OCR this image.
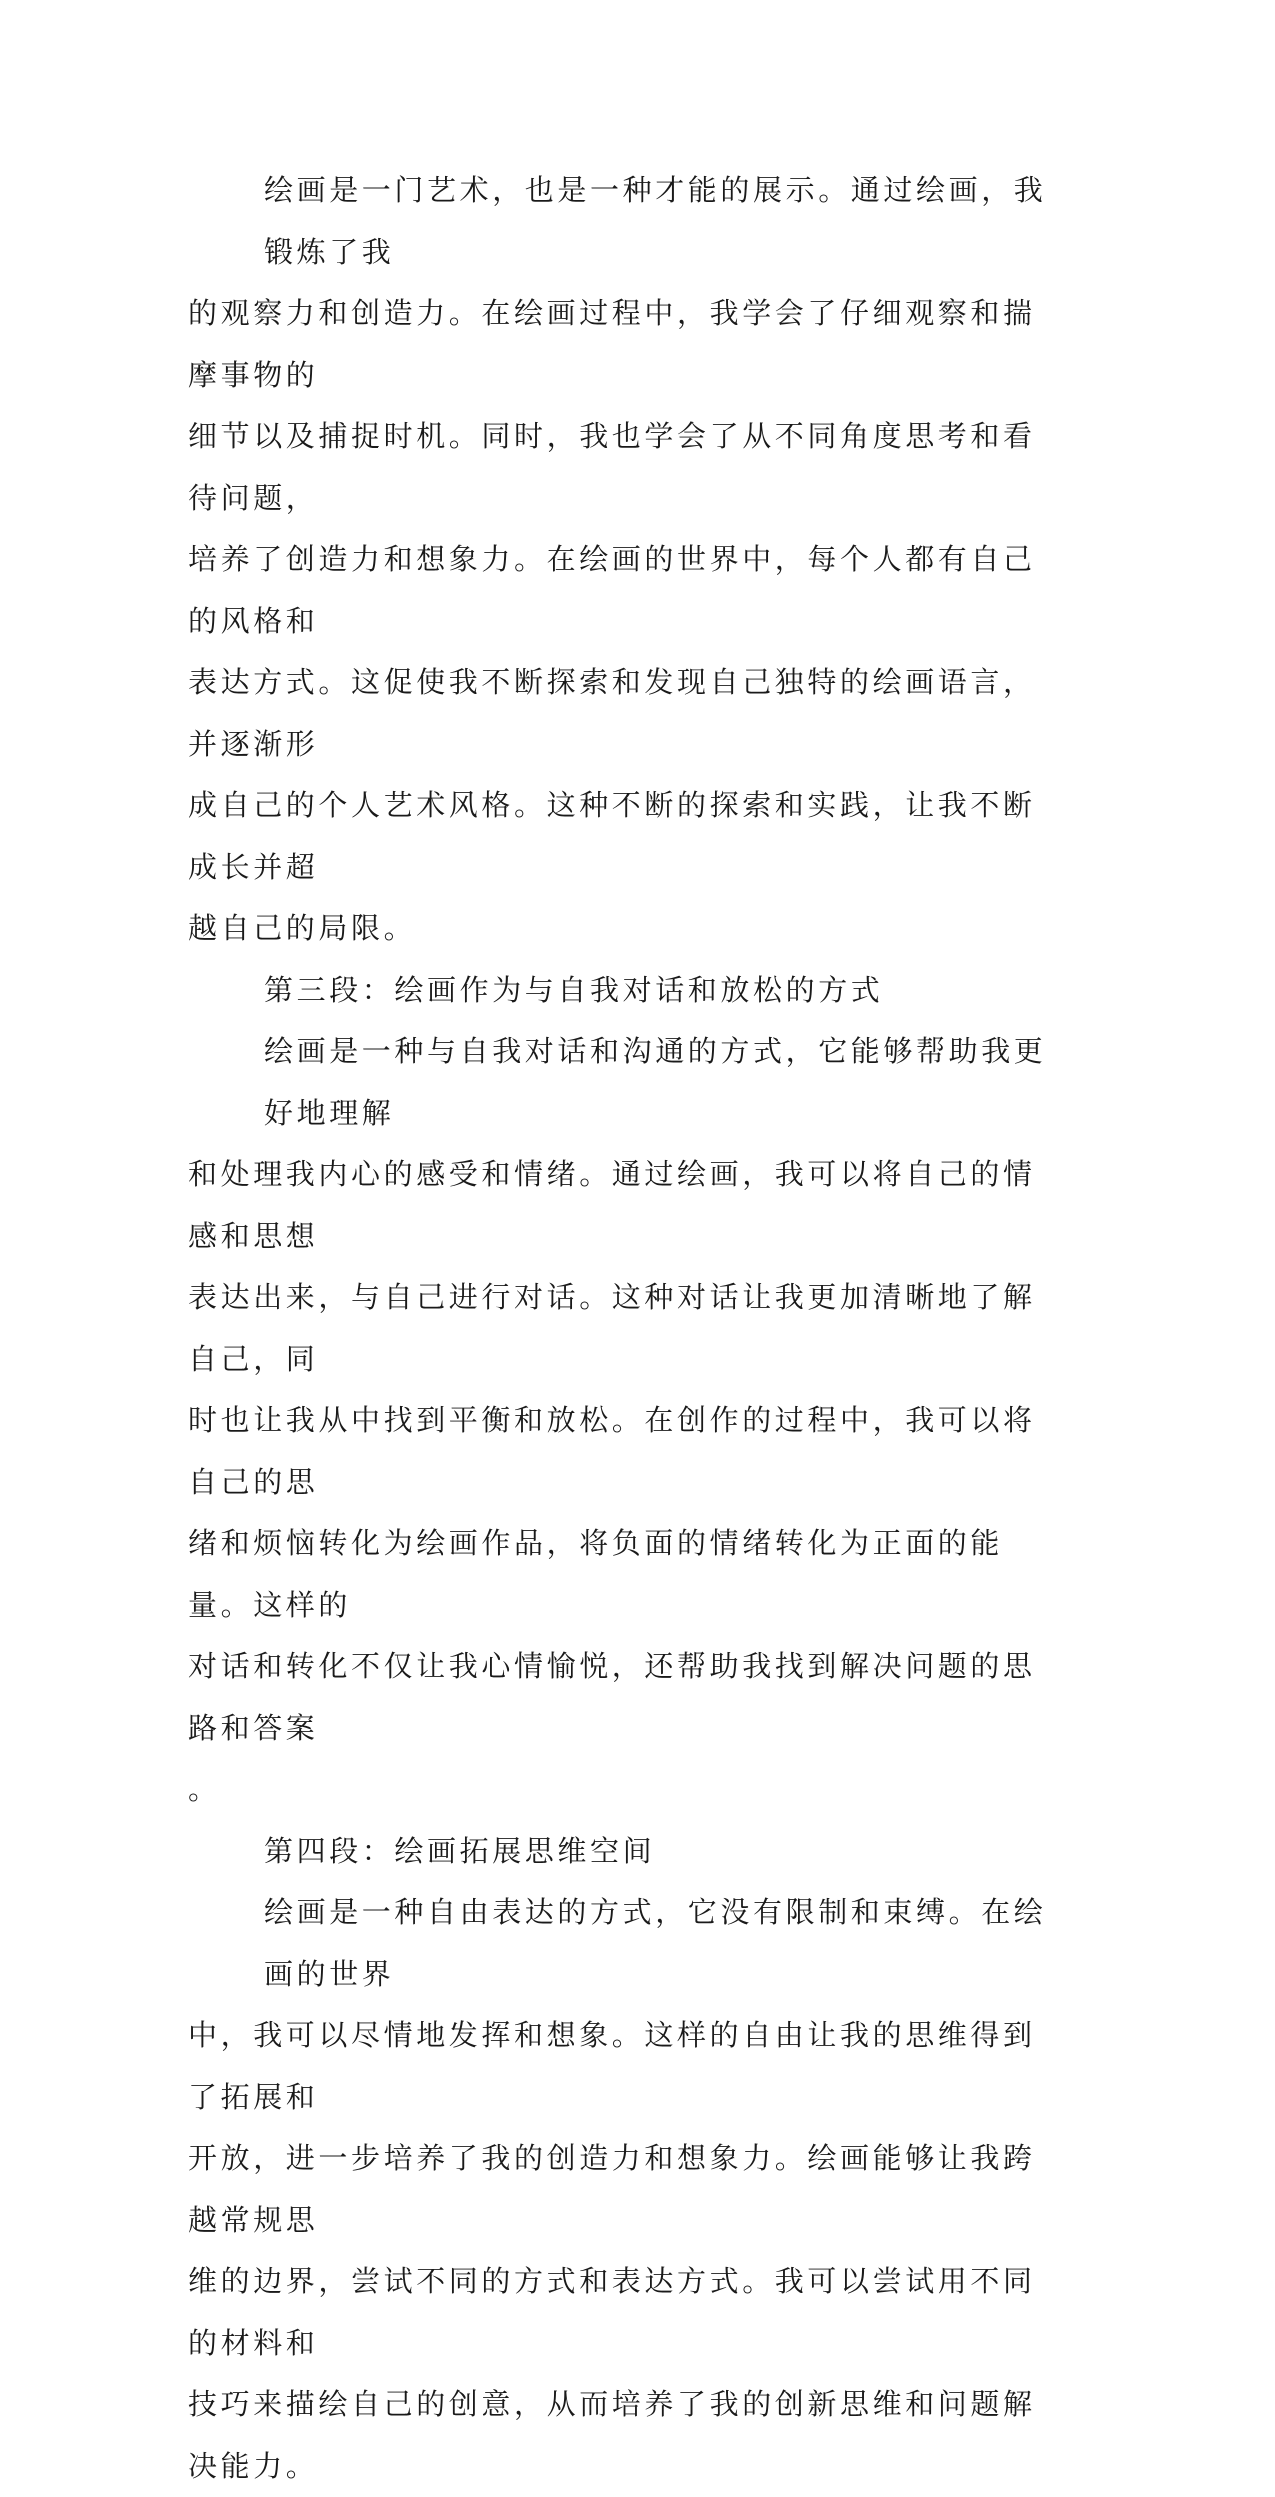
绘画是一门艺术，也是一种才能的展示。通过绘画，我锻炼了我
的观察力和创造力。在绘画过程中，我学会了仔细观察和揣摩事物的
细节以及捕捉时机。同时，我也学会了从不同角度思考和看待问题，
培养了创造力和想象力。在绘画的世界中，每个人都有自己的风格和
表达方式。这促使我不断探索和发现自己独特的绘画语言，并逐渐形
成自己的个人艺术风格。这种不断的探索和实践，让我不断成长并超
越自己的局限。
第三段：绘画作为与自我对话和放松的方式
绘画是一种与自我对话和沟通的方式，它能够帮助我更好地理解
和处理我内心的感受和情绪。通过绘画，我可以将自己的情感和思想
表达出来，与自己进行对话。这种对话让我更加清晰地了解自己，同
时也让我从中找到平衡和放松。在创作的过程中，我可以将自己的思
绪和烦恼转化为绘画作品，将负面的情绪转化为正面的能量。这样的
对话和转化不仅让我心情愉悦，还帮助我找到解决问题的思路和答案
。
第四段：绘画拓展思维空间
绘画是一种自由表达的方式，它没有限制和束缚。在绘画的世界
中，我可以尽情地发挥和想象。这样的自由让我的思维得到了拓展和
开放，进一步培养了我的创造力和想象力。绘画能够让我跨越常规思
维的边界，尝试不同的方式和表达方式。我可以尝试用不同的材料和
技巧来描绘自己的创意，从而培养了我的创新思维和问题解决能力。
